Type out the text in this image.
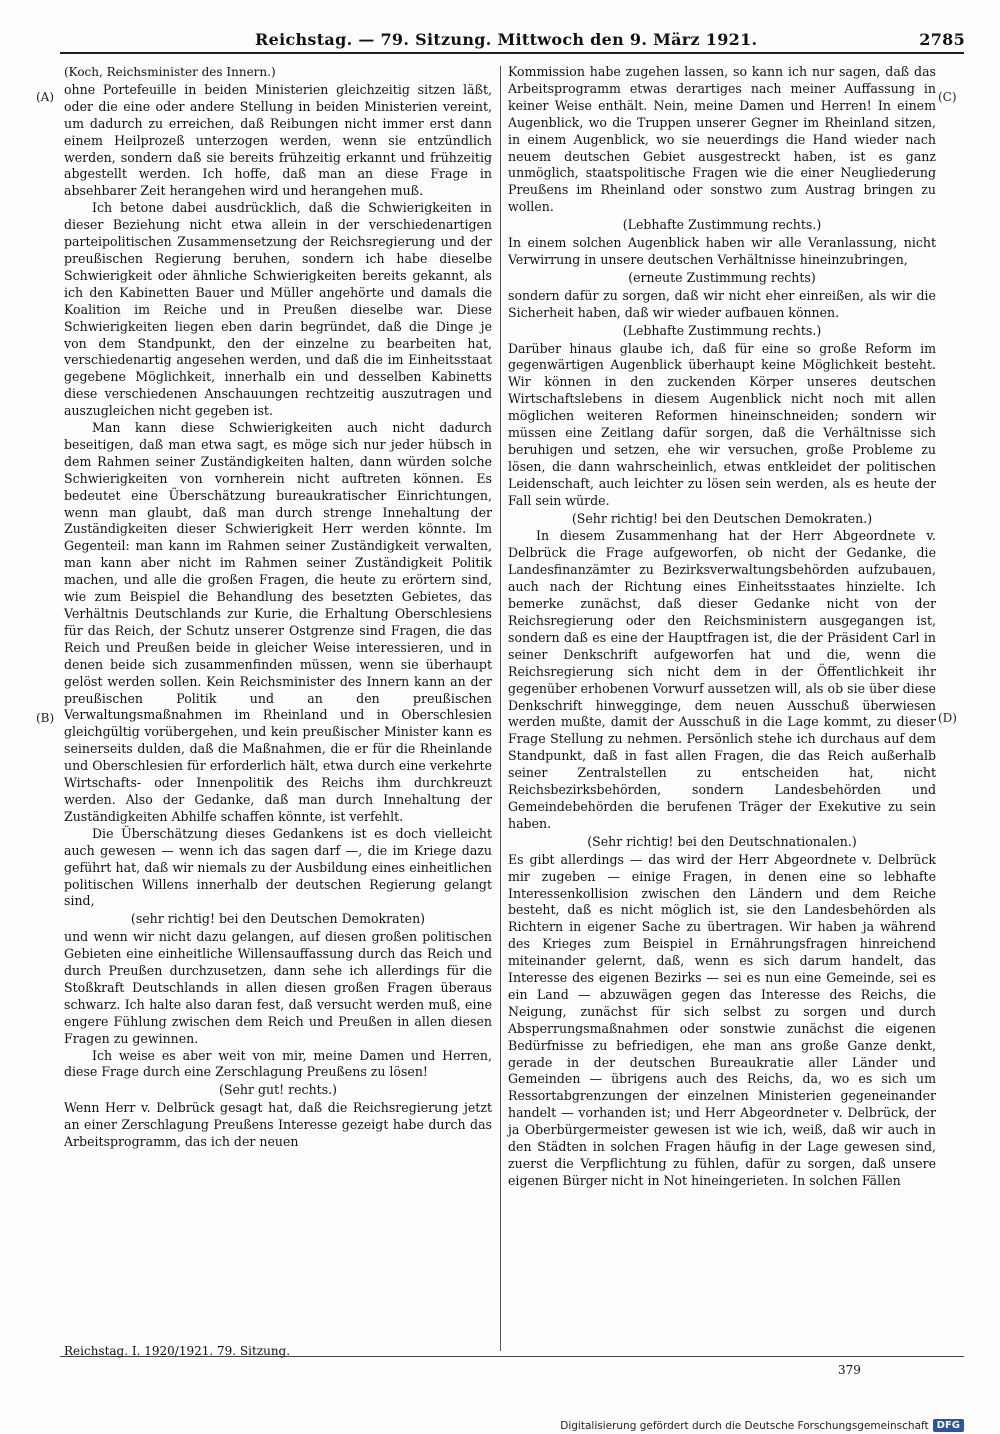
Reichstag. — 79. Sitzung. Mittwoch den 9. März 1921.	2785
(A)
(B)
(C)
(D)

(Koch, Reichsminister des Innern.)

ohne Portefeuille in beiden Ministerien gleichzeitig sitzen läßt, oder die eine oder andere Stellung in beiden Ministerien vereint, um dadurch zu erreichen, daß Reibungen nicht immer erst dann einem Heilprozeß unterzogen werden, wenn sie entzündlich werden, sondern daß sie bereits frühzeitig erkannt und frühzeitig abgestellt werden. Ich hoffe, daß man an diese Frage in absehbarer Zeit herangehen wird und herangehen muß.

Ich betone dabei ausdrücklich, daß die Schwierigkeiten in dieser Beziehung nicht etwa allein in der verschiedenartigen parteipolitischen Zusammensetzung der Reichsregierung und der preußischen Regierung beruhen, sondern ich habe dieselbe Schwierigkeit oder ähnliche Schwierigkeiten bereits gekannt, als ich den Kabinetten Bauer und Müller angehörte und damals die Koalition im Reiche und in Preußen dieselbe war. Diese Schwierigkeiten liegen eben darin begründet, daß die Dinge je von dem Standpunkt, den der einzelne zu bearbeiten hat, verschiedenartig angesehen werden, und daß die im Einheitsstaat gegebene Möglichkeit, innerhalb ein und desselben Kabinetts diese verschiedenen Anschauungen rechtzeitig auszutragen und auszugleichen nicht gegeben ist.

Man kann diese Schwierigkeiten auch nicht dadurch beseitigen, daß man etwa sagt, es möge sich nur jeder hübsch in dem Rahmen seiner Zuständigkeiten halten, dann würden solche Schwierigkeiten von vornherein nicht auftreten können. Es bedeutet eine Überschätzung bureaukratischer Einrichtungen, wenn man glaubt, daß man durch strenge Innehaltung der Zuständigkeiten dieser Schwierigkeit Herr werden könnte. Im Gegenteil: man kann im Rahmen seiner Zuständigkeit verwalten, man kann aber nicht im Rahmen seiner Zuständigkeit Politik machen, und alle die großen Fragen, die heute zu erörtern sind, wie zum Beispiel die Behandlung des besetzten Gebietes, das Verhältnis Deutschlands zur Kurie, die Erhaltung Oberschlesiens für das Reich, der Schutz unserer Ostgrenze sind Fragen, die das Reich und Preußen beide in gleicher Weise interessieren, und in denen beide sich zusammenfinden müssen, wenn sie überhaupt gelöst werden sollen. Kein Reichsminister des Innern kann an der preußischen Politik und an den preußischen Verwaltungsmaßnahmen im Rheinland und in Oberschlesien gleichgültig vorübergehen, und kein preußischer Minister kann es seinerseits dulden, daß die Maßnahmen, die er für die Rheinlande und Oberschlesien für erforderlich hält, etwa durch eine verkehrte Wirtschafts- oder Innenpolitik des Reichs ihm durchkreuzt werden. Also der Gedanke, daß man durch Innehaltung der Zuständigkeiten Abhilfe schaffen könnte, ist verfehlt.

Die Überschätzung dieses Gedankens ist es doch vielleicht auch gewesen — wenn ich das sagen darf —, die im Kriege dazu geführt hat, daß wir niemals zu der Ausbildung eines einheitlichen politischen Willens innerhalb der deutschen Regierung gelangt sind,

(sehr richtig! bei den Deutschen Demokraten)

und wenn wir nicht dazu gelangen, auf diesen großen politischen Gebieten eine einheitliche Willensauffassung durch das Reich und durch Preußen durchzusetzen, dann sehe ich allerdings für die Stoßkraft Deutschlands in allen diesen großen Fragen überaus schwarz. Ich halte also daran fest, daß versucht werden muß, eine engere Fühlung zwischen dem Reich und Preußen in allen diesen Fragen zu gewinnen.

Ich weise es aber weit von mir, meine Damen und Herren, diese Frage durch eine Zerschlagung Preußens zu lösen!

(Sehr gut! rechts.)

Wenn Herr v. Delbrück gesagt hat, daß die Reichsregierung jetzt an einer Zerschlagung Preußens Interesse gezeigt habe durch das Arbeitsprogramm, das ich der neuen

Kommission habe zugehen lassen, so kann ich nur sagen, daß das Arbeitsprogramm etwas derartiges nach meiner Auffassung in keiner Weise enthält. Nein, meine Damen und Herren! In einem Augenblick, wo die Truppen unserer Gegner im Rheinland sitzen, in einem Augenblick, wo sie neuerdings die Hand wieder nach neuem deutschen Gebiet ausgestreckt haben, ist es ganz unmöglich, staatspolitische Fragen wie die einer Neugliederung Preußens im Rheinland oder sonstwo zum Austrag bringen zu wollen.

(Lebhafte Zustimmung rechts.)

In einem solchen Augenblick haben wir alle Veranlassung, nicht Verwirrung in unsere deutschen Verhältnisse hineinzubringen,

(erneute Zustimmung rechts)

sondern dafür zu sorgen, daß wir nicht eher einreißen, als wir die Sicherheit haben, daß wir wieder aufbauen können.

(Lebhafte Zustimmung rechts.)

Darüber hinaus glaube ich, daß für eine so große Reform im gegenwärtigen Augenblick überhaupt keine Möglichkeit besteht. Wir können in den zuckenden Körper unseres deutschen Wirtschaftslebens in diesem Augenblick nicht noch mit allen möglichen weiteren Reformen hineinschneiden; sondern wir müssen eine Zeitlang dafür sorgen, daß die Verhältnisse sich beruhigen und setzen, ehe wir versuchen, große Probleme zu lösen, die dann wahrscheinlich, etwas entkleidet der politischen Leidenschaft, auch leichter zu lösen sein werden, als es heute der Fall sein würde.

(Sehr richtig! bei den Deutschen Demokraten.)

In diesem Zusammenhang hat der Herr Abgeordnete v. Delbrück die Frage aufgeworfen, ob nicht der Gedanke, die Landesfinanzämter zu Bezirksverwaltungsbehörden aufzubauen, auch nach der Richtung eines Einheitsstaates hinzielte. Ich bemerke zunächst, daß dieser Gedanke nicht von der Reichsregierung oder den Reichsministern ausgegangen ist, sondern daß es eine der Hauptfragen ist, die der Präsident Carl in seiner Denkschrift aufgeworfen hat und die, wenn die Reichsregierung sich nicht dem in der Öffentlichkeit ihr gegenüber erhobenen Vorwurf aussetzen will, als ob sie über diese Denkschrift hinwegginge, dem neuen Ausschuß überwiesen werden mußte, damit der Ausschuß in die Lage kommt, zu dieser Frage Stellung zu nehmen. Persönlich stehe ich durchaus auf dem Standpunkt, daß in fast allen Fragen, die das Reich außerhalb seiner Zentralstellen zu entscheiden hat, nicht Reichsbezirksbehörden, sondern Landesbehörden und Gemeindebehörden die berufenen Träger der Exekutive zu sein haben.

(Sehr richtig! bei den Deutschnationalen.)

Es gibt allerdings — das wird der Herr Abgeordnete v. Delbrück mir zugeben — einige Fragen, in denen eine so lebhafte Interessenkollision zwischen den Ländern und dem Reiche besteht, daß es nicht möglich ist, sie den Landesbehörden als Richtern in eigener Sache zu übertragen. Wir haben ja während des Krieges zum Beispiel in Ernährungsfragen hinreichend miteinander gelernt, daß, wenn es sich darum handelt, das Interesse des eigenen Bezirks — sei es nun eine Gemeinde, sei es ein Land — abzuwägen gegen das Interesse des Reichs, die Neigung, zunächst für sich selbst zu sorgen und durch Absperrungsmaßnahmen oder sonstwie zunächst die eigenen Bedürfnisse zu befriedigen, ehe man ans große Ganze denkt, gerade in der deutschen Bureaukratie aller Länder und Gemeinden — übrigens auch des Reichs, da, wo es sich um Ressortabgrenzungen der einzelnen Ministerien gegeneinander handelt — vorhanden ist; und Herr Abgeordneter v. Delbrück, der ja Oberbürgermeister gewesen ist wie ich, weiß, daß wir auch in den Städten in solchen Fragen häufig in der Lage gewesen sind, zuerst die Verpflichtung zu fühlen, dafür zu sorgen, daß unsere eigenen Bürger nicht in Not hineingerieten. In solchen Fällen

Reichstag. I. 1920/1921. 79. Sitzung.
379
Digitalisierung gefördert durch die Deutsche Forschungsgemeinschaft DFG
